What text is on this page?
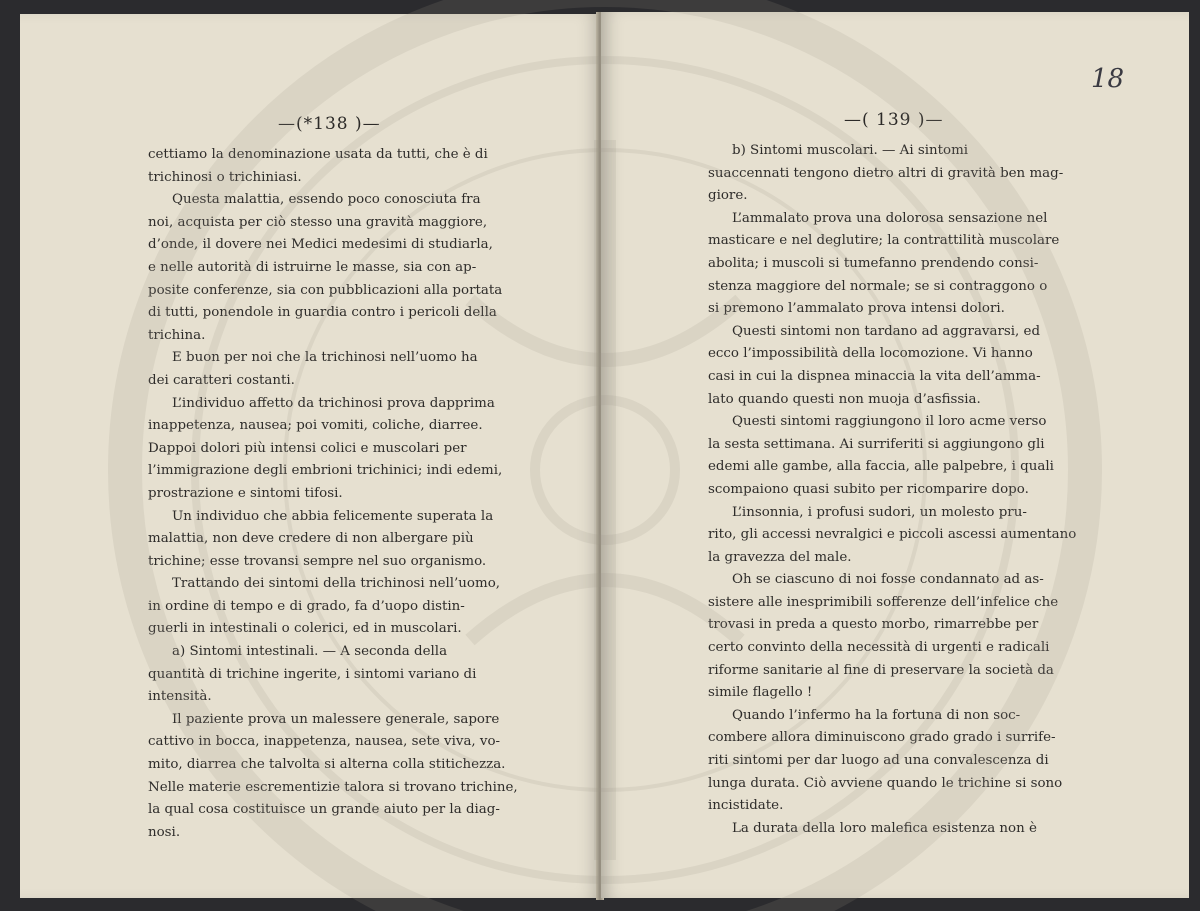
—(*138 )—
cettiamo la denominazione usata da tutti, che è di
trichinosi o trichiniasi.
Questa malattia, essendo poco conosciuta fra
noi, acquista per ciò stesso una gravità maggiore,
d’onde, il dovere nei Medici medesimi di studiarla,
e nelle autorità di istruirne le masse, sia con ap-
posite conferenze, sia con pubblicazioni alla portata
di tutti, ponendole in guardia contro i pericoli della
trichina.
E buon per noi che la trichinosi nell’uomo ha
dei caratteri costanti.
L’individuo affetto da trichinosi prova dapprima
inappetenza, nausea; poi vomiti, coliche, diarree.
Dappoi dolori più intensi colici e muscolari per
l’immigrazione degli embrioni trichinici; indi edemi,
prostrazione e sintomi tifosi.
Un individuo che abbia felicemente superata la
malattia, non deve credere di non albergare più
trichine; esse trovansi sempre nel suo organismo.
Trattando dei sintomi della trichinosi nell’uomo,
in ordine di tempo e di grado, fa d’uopo distin-
guerli in intestinali o colerici, ed in muscolari.
a) Sintomi intestinali. — A seconda della
quantità di trichine ingerite, i sintomi variano di
intensità.
Il paziente prova un malessere generale, sapore
cattivo in bocca, inappetenza, nausea, sete viva, vo-
mito, diarrea che talvolta si alterna colla stitichezza.
Nelle materie escrementizie talora si trovano trichine,
la qual cosa costituisce un grande aiuto per la diag-
nosi.
18
—( 139 )—
b) Sintomi muscolari. — Ai sintomi
suaccennati tengono dietro altri di gravità ben mag-
giore.
L’ammalato prova una dolorosa sensazione nel
masticare e nel deglutire; la contrattilità muscolare
abolita; i muscoli si tumefanno prendendo consi-
stenza maggiore del normale; se si contraggono o
si premono l’ammalato prova intensi dolori.
Questi sintomi non tardano ad aggravarsi, ed
ecco l’impossibilità della locomozione. Vi hanno
casi in cui la dispnea minaccia la vita dell’amma-
lato quando questi non muoja d’asfissia.
Questi sintomi raggiungono il loro acme verso
la sesta settimana. Ai surriferiti si aggiungono gli
edemi alle gambe, alla faccia, alle palpebre, i quali
scompaiono quasi subito per ricomparire dopo.
L’insonnia, i profusi sudori, un molesto pru-
rito, gli accessi nevralgici e piccoli ascessi aumentano
la gravezza del male.
Oh se ciascuno di noi fosse condannato ad as-
sistere alle inesprimibili sofferenze dell’infelice che
trovasi in preda a questo morbo, rimarrebbe per
certo convinto della necessità di urgenti e radicali
riforme sanitarie al fine di preservare la società da
simile flagello !
Quando l’infermo ha la fortuna di non soc-
combere allora diminuiscono grado grado i surrife-
riti sintomi per dar luogo ad una convalescenza di
lunga durata. Ciò avviene quando le trichine si sono
incistidate.
La durata della loro malefica esistenza non è
